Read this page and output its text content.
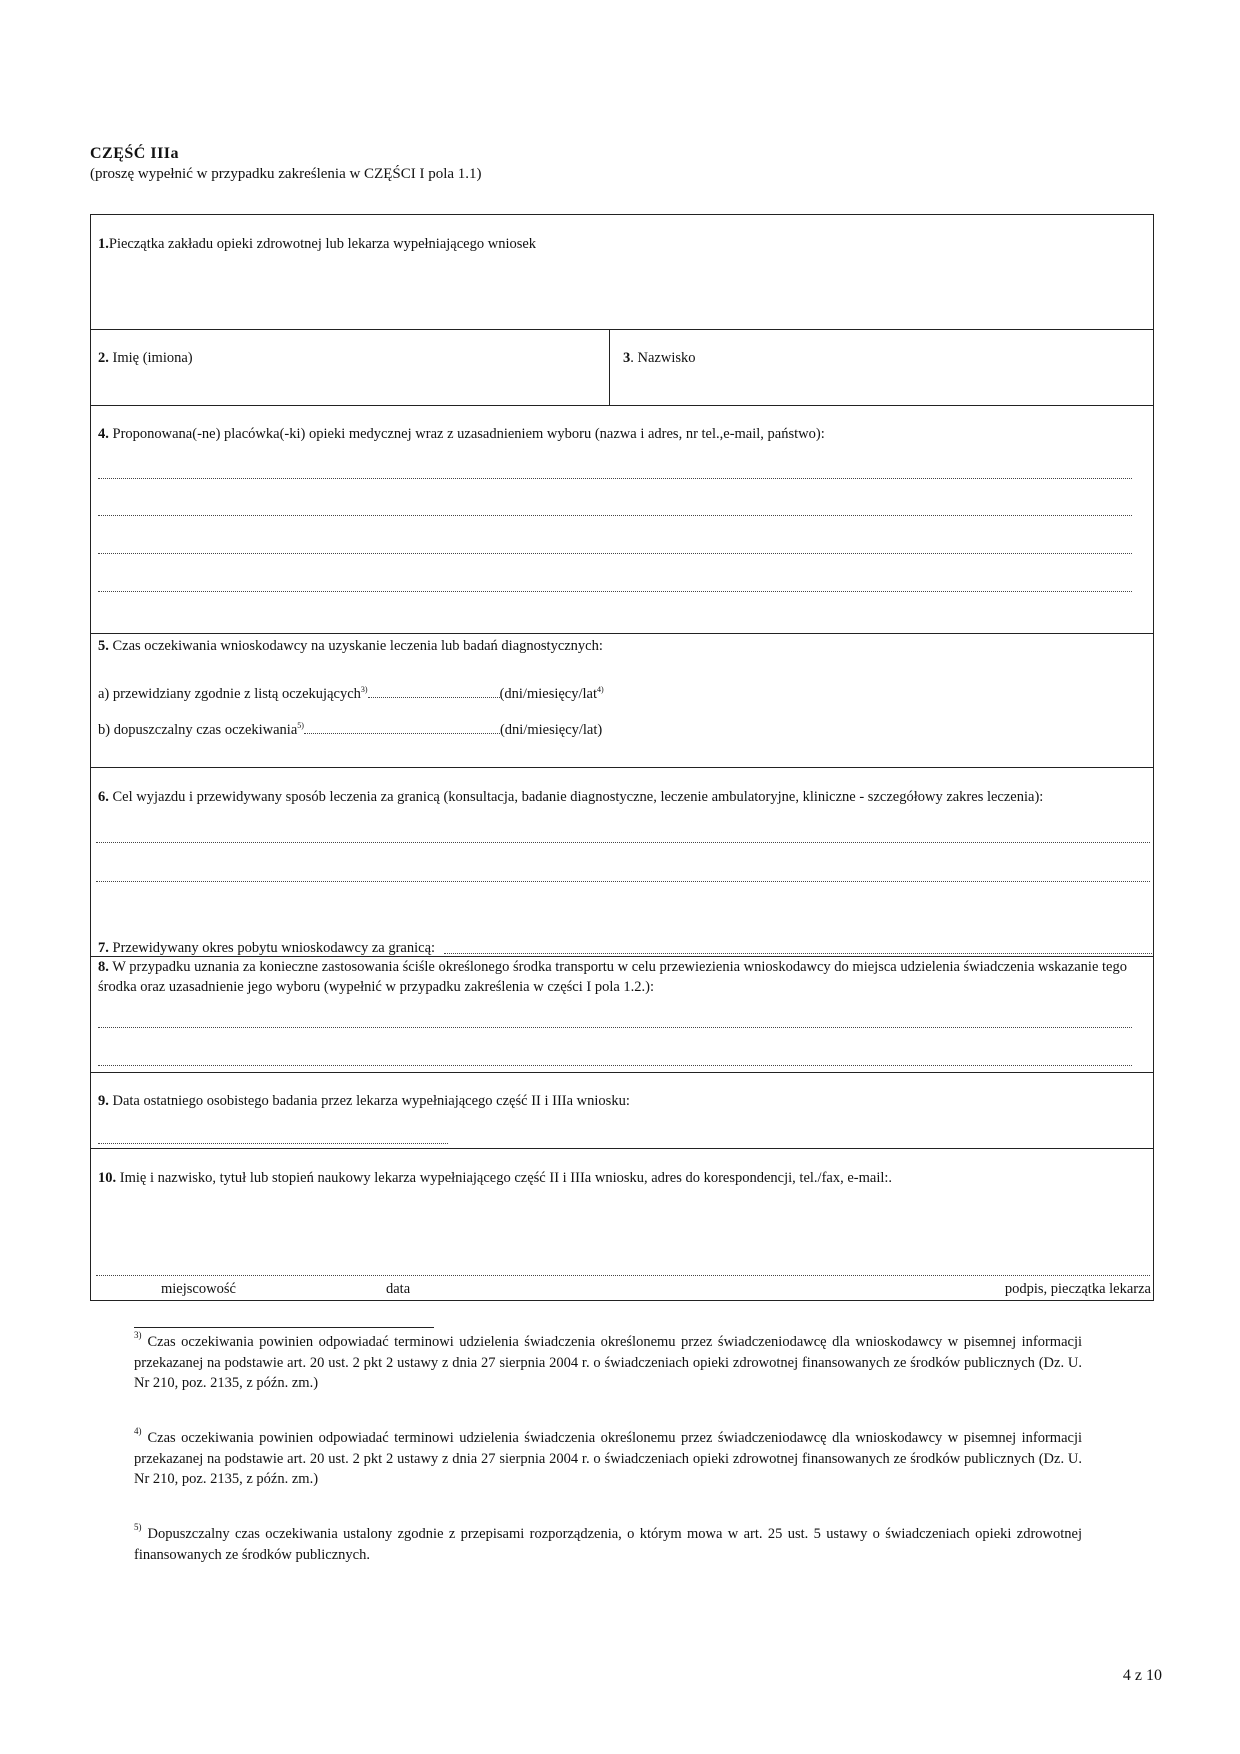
CZĘŚĆ IIIa
(proszę wypełnić w przypadku zakreślenia w CZĘŚCI I pola 1.1)
1.Pieczątka zakładu opieki zdrowotnej lub lekarza wypełniającego wniosek
2. Imię (imiona)	3. Nazwisko
4. Proponowana(-ne) placówka(-ki) opieki medycznej wraz z uzasadnieniem wyboru (nazwa i adres, nr tel.,e-mail, państwo):
5. Czas oczekiwania wnioskodawcy na uzyskanie leczenia lub badań diagnostycznych:
a) przewidziany zgodnie z listą oczekujących$^{3)}$	(dni/miesięcy/lat$^{4)}$
b) dopuszczalny czas oczekiwania$^{5)}$	(dni/miesięcy/lat)
6. Cel wyjazdu i przewidywany sposób leczenia za granicą (konsultacja, badanie diagnostyczne, leczenie ambulatoryjne, kliniczne - szczegółowy zakres leczenia):
7. Przewidywany okres pobytu wnioskodawcy za granicą:
8. W przypadku uznania za konieczne zastosowania ściśle określonego środka transportu w celu przewiezienia wnioskodawcy do miejsca udzielenia świadczenia wskazanie tego środka oraz uzasadnienie jego wyboru (wypełnić w przypadku zakreślenia w części I pola 1.2.):
9. Data ostatniego osobistego badania przez lekarza wypełniającego część II i IIIa wniosku:
10. Imię i nazwisko, tytuł lub stopień naukowy lekarza wypełniającego część II i IIIa wniosku, adres do korespondencji, tel./fax, e-mail:.
miejscowość	data	podpis, pieczątka lekarza
$^{3)}$ Czas oczekiwania powinien odpowiadać terminowi udzielenia świadczenia określonemu przez świadczeniodawcę dla wnioskodawcy w pisemnej informacji przekazanej na podstawie art. 20 ust. 2 pkt 2 ustawy z dnia 27 sierpnia 2004 r. o świadczeniach opieki zdrowotnej finansowanych ze środków publicznych (Dz. U. Nr 210, poz. 2135, z późn. zm.)
$^{4)}$ Czas oczekiwania powinien odpowiadać terminowi udzielenia świadczenia określonemu przez świadczeniodawcę dla wnioskodawcy w pisemnej informacji przekazanej na podstawie art. 20 ust. 2 pkt 2 ustawy z dnia 27 sierpnia 2004 r. o świadczeniach opieki zdrowotnej finansowanych ze środków publicznych (Dz. U. Nr 210, poz. 2135, z późn. zm.)
$^{5)}$ Dopuszczalny czas oczekiwania ustalony zgodnie z przepisami rozporządzenia, o którym mowa w art. 25 ust. 5 ustawy o świadczeniach opieki zdrowotnej finansowanych ze środków publicznych.
4 z 10
